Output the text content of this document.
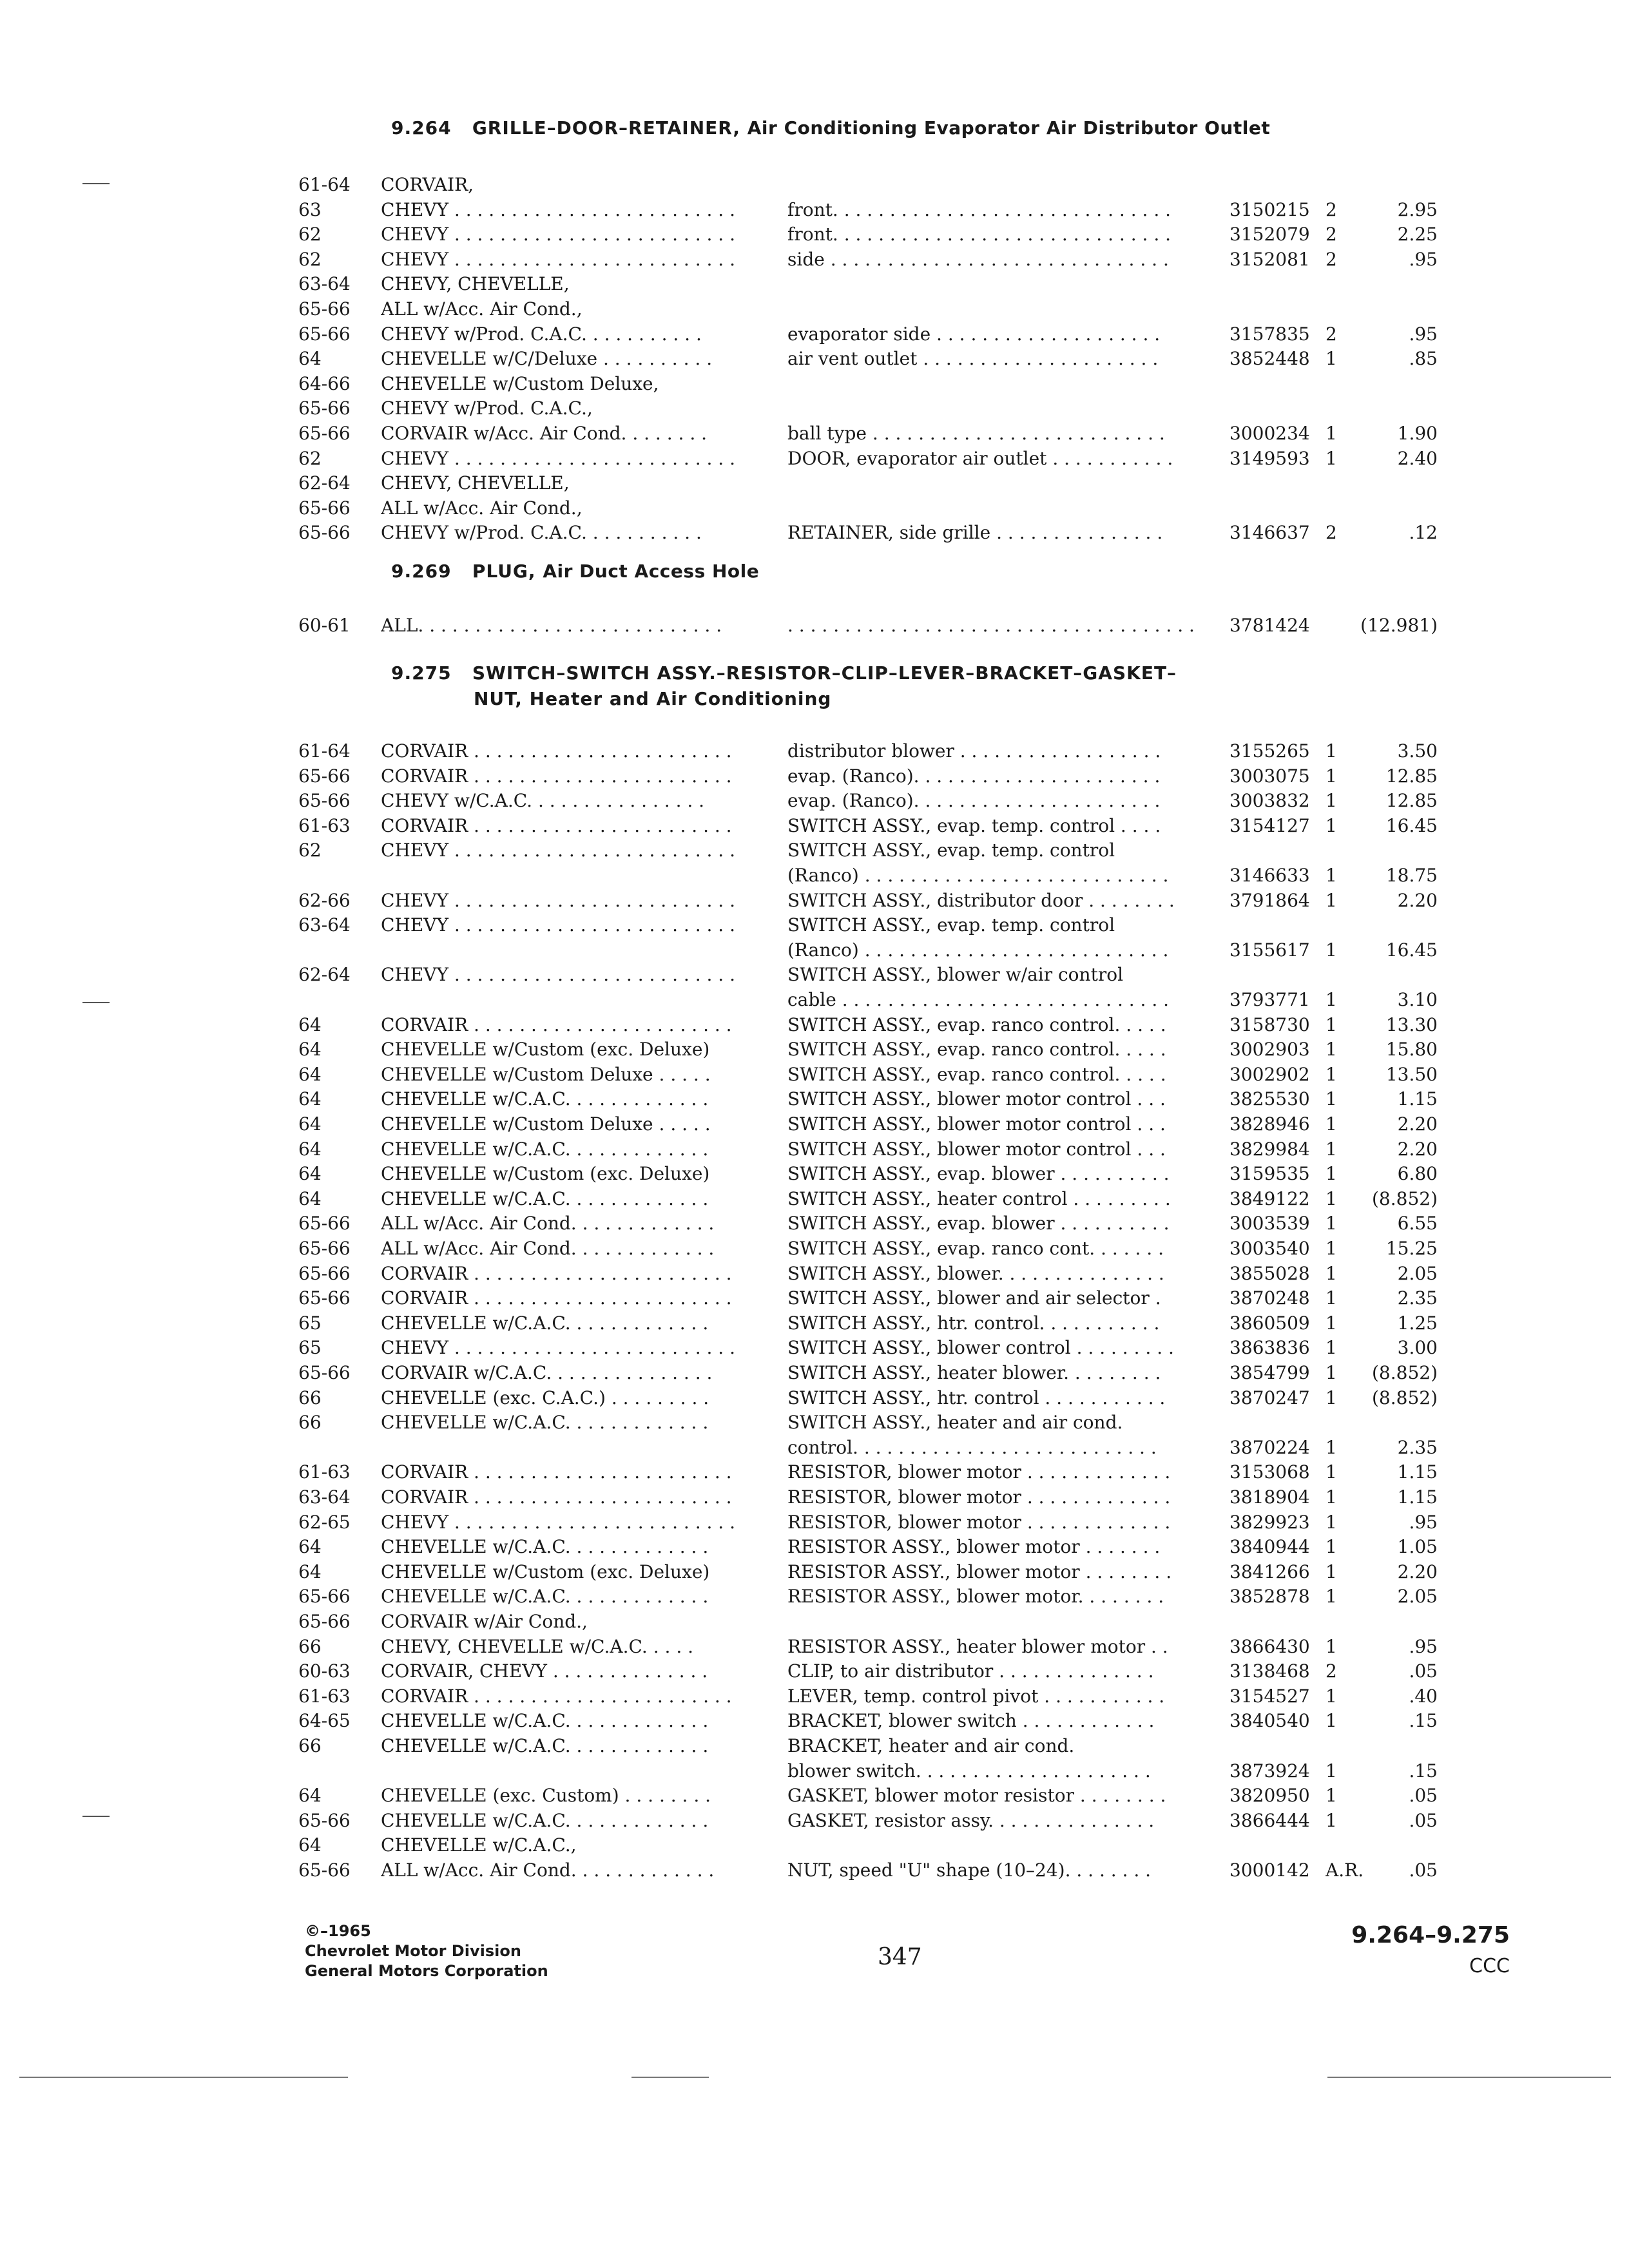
9.264 GRILLE–DOOR–RETAINER, Air Conditioning Evaporator Air Distributor Outlet
61-64	CORVAIR,
63	CHEVY . . . . . . . . . . . . . . . . . . . . . . . . .	front. . . . . . . . . . . . . . . . . . . . . . . . . . . . . .	3150215 2	2.95
62	CHEVY . . . . . . . . . . . . . . . . . . . . . . . . .	front. . . . . . . . . . . . . . . . . . . . . . . . . . . . . .	3152079 2	2.25
62	CHEVY . . . . . . . . . . . . . . . . . . . . . . . . .	side . . . . . . . . . . . . . . . . . . . . . . . . . . . . . .	3152081 2	.95
63-64	CHEVY, CHEVELLE,
65-66	ALL w/Acc. Air Cond.,
65-66	CHEVY w/Prod. C.A.C. . . . . . . . . . .	evaporator side . . . . . . . . . . . . . . . . . . . .	3157835 2	.95
64	CHEVELLE w/C/Deluxe . . . . . . . . . .	air vent outlet . . . . . . . . . . . . . . . . . . . . .	3852448 1	.85
64-66	CHEVELLE w/Custom Deluxe,
65-66	CHEVY w/Prod. C.A.C.,
65-66	CORVAIR w/Acc. Air Cond. . . . . . . .	ball type . . . . . . . . . . . . . . . . . . . . . . . . . .	3000234 1	1.90
62	CHEVY . . . . . . . . . . . . . . . . . . . . . . . . .	DOOR, evaporator air outlet . . . . . . . . . . .	3149593 1	2.40
62-64	CHEVY, CHEVELLE,
65-66	ALL w/Acc. Air Cond.,
65-66	CHEVY w/Prod. C.A.C. . . . . . . . . . .	RETAINER, side grille . . . . . . . . . . . . . . .	3146637 2	.12
9.269 PLUG, Air Duct Access Hole
60-61	ALL. . . . . . . . . . . . . . . . . . . . . . . . . . .	. . . . . . . . . . . . . . . . . . . . . . . . . . . . . . . . . . . . 3781424	(12.981)
9.275 SWITCH–SWITCH ASSY.–RESISTOR–CLIP–LEVER–BRACKET–GASKET–
NUT, Heater and Air Conditioning
61-64	CORVAIR . . . . . . . . . . . . . . . . . . . . . . .	distributor blower . . . . . . . . . . . . . . . . . .	3155265 1	3.50
65-66	CORVAIR . . . . . . . . . . . . . . . . . . . . . . .	evap. (Ranco). . . . . . . . . . . . . . . . . . . . . .	3003075 1	12.85
65-66	CHEVY w/C.A.C. . . . . . . . . . . . . . . .	evap. (Ranco). . . . . . . . . . . . . . . . . . . . . .	3003832 1	12.85
61-63	CORVAIR . . . . . . . . . . . . . . . . . . . . . . .	SWITCH ASSY., evap. temp. control . . . .	3154127 1	16.45
62	CHEVY . . . . . . . . . . . . . . . . . . . . . . . . .	SWITCH ASSY., evap. temp. control
(Ranco) . . . . . . . . . . . . . . . . . . . . . . . . . . .	3146633 1	18.75
62-66	CHEVY . . . . . . . . . . . . . . . . . . . . . . . . .	SWITCH ASSY., distributor door . . . . . . . .	3791864 1	2.20
63-64	CHEVY . . . . . . . . . . . . . . . . . . . . . . . . .	SWITCH ASSY., evap. temp. control
(Ranco) . . . . . . . . . . . . . . . . . . . . . . . . . . .	3155617 1	16.45
62-64	CHEVY . . . . . . . . . . . . . . . . . . . . . . . . .	SWITCH ASSY., blower w/air control
cable . . . . . . . . . . . . . . . . . . . . . . . . . . . . .	3793771 1	3.10
64	CORVAIR . . . . . . . . . . . . . . . . . . . . . . .	SWITCH ASSY., evap. ranco control. . . . .	3158730 1	13.30
64	CHEVELLE w/Custom (exc. Deluxe)	SWITCH ASSY., evap. ranco control. . . . .	3002903 1	15.80
64	CHEVELLE w/Custom Deluxe . . . . .	SWITCH ASSY., evap. ranco control. . . . .	3002902 1	13.50
64	CHEVELLE w/C.A.C. . . . . . . . . . . . .	SWITCH ASSY., blower motor control . . .	3825530 1	1.15
64	CHEVELLE w/Custom Deluxe . . . . .	SWITCH ASSY., blower motor control . . .	3828946 1	2.20
64	CHEVELLE w/C.A.C. . . . . . . . . . . . .	SWITCH ASSY., blower motor control . . .	3829984 1	2.20
64	CHEVELLE w/Custom (exc. Deluxe)	SWITCH ASSY., evap. blower . . . . . . . . . .	3159535 1	6.80
64	CHEVELLE w/C.A.C. . . . . . . . . . . . .	SWITCH ASSY., heater control . . . . . . . . .	3849122 1	(8.852)
65-66	ALL w/Acc. Air Cond. . . . . . . . . . . . .	SWITCH ASSY., evap. blower . . . . . . . . . .	3003539 1	6.55
65-66	ALL w/Acc. Air Cond. . . . . . . . . . . . .	SWITCH ASSY., evap. ranco cont. . . . . . .	3003540 1	15.25
65-66	CORVAIR . . . . . . . . . . . . . . . . . . . . . . .	SWITCH ASSY., blower. . . . . . . . . . . . . . .	3855028 1	2.05
65-66	CORVAIR . . . . . . . . . . . . . . . . . . . . . . .	SWITCH ASSY., blower and air selector .	3870248 1	2.35
65	CHEVELLE w/C.A.C. . . . . . . . . . . . .	SWITCH ASSY., htr. control. . . . . . . . . . .	3860509 1	1.25
65	CHEVY . . . . . . . . . . . . . . . . . . . . . . . . .	SWITCH ASSY., blower control . . . . . . . . .	3863836 1	3.00
65-66	CORVAIR w/C.A.C. . . . . . . . . . . . . . .	SWITCH ASSY., heater blower. . . . . . . . .	3854799 1	(8.852)
66	CHEVELLE (exc. C.A.C.) . . . . . . . . .	SWITCH ASSY., htr. control . . . . . . . . . . .	3870247 1	(8.852)
66	CHEVELLE w/C.A.C. . . . . . . . . . . . .	SWITCH ASSY., heater and air cond.
control. . . . . . . . . . . . . . . . . . . . . . . . . . .	3870224 1	2.35
61-63	CORVAIR . . . . . . . . . . . . . . . . . . . . . . .	RESISTOR, blower motor . . . . . . . . . . . . .	3153068 1	1.15
63-64	CORVAIR . . . . . . . . . . . . . . . . . . . . . . .	RESISTOR, blower motor . . . . . . . . . . . . .	3818904 1	1.15
62-65	CHEVY . . . . . . . . . . . . . . . . . . . . . . . . .	RESISTOR, blower motor . . . . . . . . . . . . .	3829923 1	.95
64	CHEVELLE w/C.A.C. . . . . . . . . . . . .	RESISTOR ASSY., blower motor . . . . . . .	3840944 1	1.05
64	CHEVELLE w/Custom (exc. Deluxe)	RESISTOR ASSY., blower motor . . . . . . . .	3841266 1	2.20
65-66	CHEVELLE w/C.A.C. . . . . . . . . . . . .	RESISTOR ASSY., blower motor. . . . . . . .	3852878 1	2.05
65-66	CORVAIR w/Air Cond.,
66	CHEVY, CHEVELLE w/C.A.C. . . . .	RESISTOR ASSY., heater blower motor . .	3866430 1	.95
60-63	CORVAIR, CHEVY . . . . . . . . . . . . . .	CLIP, to air distributor . . . . . . . . . . . . . .	3138468 2	.05
61-63	CORVAIR . . . . . . . . . . . . . . . . . . . . . . .	LEVER, temp. control pivot . . . . . . . . . . .	3154527 1	.40
64-65	CHEVELLE w/C.A.C. . . . . . . . . . . . .	BRACKET, blower switch . . . . . . . . . . . .	3840540 1	.15
66	CHEVELLE w/C.A.C. . . . . . . . . . . . .	BRACKET, heater and air cond.
blower switch. . . . . . . . . . . . . . . . . . . . .	3873924 1	.15
64	CHEVELLE (exc. Custom) . . . . . . . .	GASKET, blower motor resistor . . . . . . . .	3820950 1	.05
65-66	CHEVELLE w/C.A.C. . . . . . . . . . . . .	GASKET, resistor assy. . . . . . . . . . . . . . .	3866444 1	.05
64	CHEVELLE w/C.A.C.,
65-66	ALL w/Acc. Air Cond. . . . . . . . . . . . .	NUT, speed "U" shape (10–24). . . . . . . .	3000142 A.R.	.05
©–1965
Chevrolet Motor Division
General Motors Corporation
347
9.264–9.275
CCC
